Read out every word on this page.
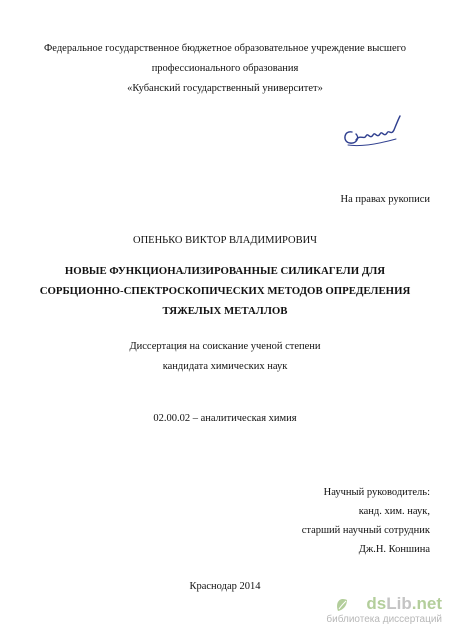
Федеральное государственное бюджетное образовательное учреждение высшего
профессионального образования
«Кубанский государственный университет»
На правах рукописи
ОПЕНЬКО ВИКТОР ВЛАДИМИРОВИЧ
НОВЫЕ ФУНКЦИОНАЛИЗИРОВАННЫЕ СИЛИКАГЕЛИ ДЛЯ
СОРБЦИОННО-СПЕКТРОСКОПИЧЕСКИХ МЕТОДОВ ОПРЕДЕЛЕНИЯ
ТЯЖЕЛЫХ МЕТАЛЛОВ
Диссертация на соискание ученой степени
кандидата химических наук
02.00.02 – аналитическая химия
Научный руководитель:
канд. хим. наук,
старший научный сотрудник
Дж.Н. Коншина
Краснодар 2014
dsLib.net
библиотека диссертаций
